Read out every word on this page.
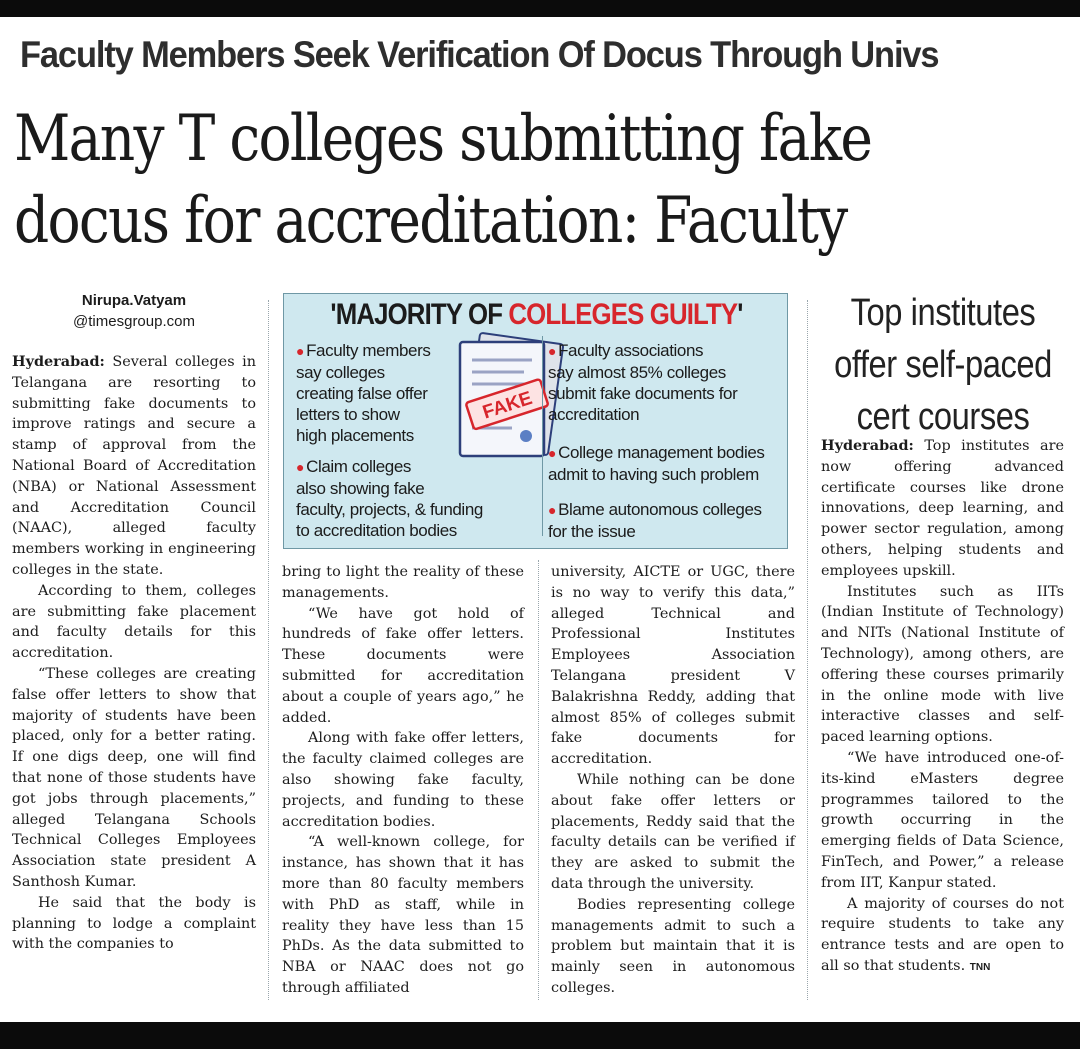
Faculty Members Seek Verification Of Docus Through Univs
Many T colleges submitting fake
docus for accreditation: Faculty
Nirupa.Vatyam
@timesgroup.com

Hyderabad: Several colleges in Telangana are resorting to submitting fake documents to improve ratings and secure a stamp of approval from the National Board of Accreditation (NBA) or National Assessment and Accreditation Council (NAAC), alleged faculty members working in engineering colleges in the state.

According to them, colleges are submitting fake placement and faculty details for this accreditation.

“These colleges are creating false offer letters to show that majority of students have been placed, only for a better rating. If one digs deep, one will find that none of those students have got jobs through placements,” alleged Telangana Schools Technical Colleges Employees Association state president A Santhosh Kumar.

He said that the body is planning to lodge a complaint with the companies to

'MAJORITY OF COLLEGES GUILTY'
FAKE
● Faculty members
say colleges
creating false offer
letters to show
high placements
● Claim colleges
also showing fake
faculty, projects, & funding
to accreditation bodies
● Faculty associations
say almost 85% colleges
submit fake documents for
accreditation
● College management bodies
admit to having such problem
● Blame autonomous colleges
for the issue

bring to light the reality of these managements.

“We have got hold of hundreds of fake offer letters. These documents were submitted for accreditation about a couple of years ago,” he added.

Along with fake offer letters, the faculty claimed colleges are also showing fake faculty, projects, and funding to these accreditation bodies.

“A well-known college, for instance, has shown that it has more than 80 faculty members with PhD as staff, while in reality they have less than 15 PhDs. As the data submitted to NBA or NAAC does not go through affiliated

university, AICTE or UGC, there is no way to verify this data,” alleged Technical and Professional Institutes Employees Association Telangana president V Balakrishna Reddy, adding that almost 85% of colleges submit fake documents for accreditation.

While nothing can be done about fake offer letters or placements, Reddy said that the faculty details can be verified if they are asked to submit the data through the university.

Bodies representing college managements admit to such a problem but maintain that it is mainly seen in autonomous colleges.

Top institutes
offer self-paced
cert courses

Hyderabad: Top institutes are now offering advanced certificate courses like drone innovations, deep learning, and power sector regulation, among others, helping students and employees upskill.

Institutes such as IITs (Indian Institute of Technology) and NITs (National Institute of Technology), among others, are offering these courses primarily in the online mode with live interactive classes and self-paced learning options.

“We have introduced one-of-its-kind eMasters degree programmes tailored to the growth occurring in the emerging fields of Data Science, FinTech, and Power,” a release from IIT, Kanpur stated.

A majority of courses do not require students to take any entrance tests and are open to all so that students. TNN
